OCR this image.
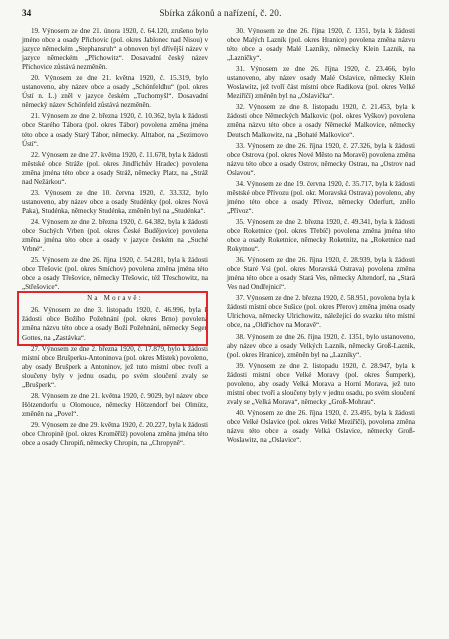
34	Sbírka zákonů a nařízení, č. 20.

19. Výnosem ze dne 21. února 1920, č. 64.120, zrušeno bylo jméno obce a osady Přichovic (pol. okres Jablonec nad Nisou) v jazyce německém „Stephansruh“ a obnoven byl dřívější název v jazyce německém „Přichowitz“. Dosavadní český název Přichovice zůstává nezměněn.

20. Výnosem ze dne 21. května 1920, č. 15.319, bylo ustanoveno, aby název obce a osady „Schönfeldhu“ (pol. okres Ústí n. L.) zněl v jazyce českém „Tuchomyšl“. Dosavadní německý název Schönfeld zůstává nezměněn.

21. Výnosem ze dne 2. března 1920, č. 10.362, byla k žádosti obce Starého Tábora (pol. okres Tábor) povolena změna jména této obce a osady Starý Tábor, německy. Alttabor, na „Sezimovo Ústí“.

22. Výnosem ze dne 27. května 1920, č. 11.678, byla k žádosti městské obce Stráže (pol. okres Jindřichův Hradec) povolena změna jména této obce a osady Stráž, německy Platz, na „Stráž nad Nežárkou“.

23. Výnosem ze dne 10. června 1920, č. 33.332, bylo ustanoveno, aby název obce a osady Studénky (pol. okres Nová Paka), Studénka, německy Studénka, změněn byl na „Studénka“.

24. Výnosem ze dne 2. března 1920, č. 64.382, byla k žádosti obce Suchých Vrben (pol. okres České Budějovice) povolena změna jména této obce a osady v jazyce českém na „Suché Vrbné“.

25. Výnosem ze dne 26. října 1920, č. 54.281, byla k žádosti obce Třešovic (pol. okres Smíchov) povolena změna jména této obce a osady Třešovice, německy Třešowic, též Třeschowitz, na „Střešovice“.

Na Moravě:

26. Výnosem ze dne 3. listopadu 1920, č. 46.996, byla k žádosti obce Božího Požehnání (pol. okres Brno) povolena změna názvu této obce a osady Boží Požehnání, německy Segen Gottes, na „Zastávka“.

27. Výnosem ze dne 2. března 1920, č. 17.879, bylo k žádosti místní obce Brušperku-Antoninova (pol. okres Místek) povoleno, aby osady Brušperk a Antoninov, jež tuto místní obec tvoří a sloučeny byly v jednu osadu, po svém sloučení zvaly se „Brušperk“.

28. Výnosem ze dne 21. května 1920, č. 9029, byl název obce Hötzendorfu u Olomouce, německy Hötzendorf bei Olmütz, změněn na „Povel“.

29. Výnosem ze dne 29. května 1920, č. 20.227, byla k žádosti obce Chropině (pol. okres Kroměříž) povolena změna jména této obce a osady Chropiň, německy Chropin, na „Chropyně“.

30. Výnosem ze dne 26. října 1920, č. 1351, byla k žádosti obce Malých Lazník (pol. okres Hranice) povolena změna názvu této obce a osady Malé Lazníky, německy Klein Laznik, na „Lazníčky“.

31. Výnosem ze dne 26. října 1920, č. 23.466, bylo ustanoveno, aby název osady Malé Oslavice, německy Klein Woslawitz, jež tvoří část místní obce Radikova (pol. okres Velké Meziříčí) změněn byl na „Oslavička“.

32. Výnosem ze dne 8. listopadu 1920, č. 21.453, byla k žádosti obce Německých Malkovic (pol. okres Vyškov) povolena změna názvu této obce a osady Německé Malkovice, německy Deutsch Malkowitz, na „Bohaté Malkovice“.

33. Výnosem ze dne 26. října 1920, č. 27.326, byla k žádosti obce Ostrova (pol. okres Nové Město na Moravě) povolena změna názvu této obce a osady Ostrov, německy Ostrau, na „Ostrov nad Oslavou“.

34. Výnosem ze dne 19. června 1920, č. 35.717, byla k žádosti městské obce Přívozu (pol. okr. Moravská Ostrava) povoleno, aby jméno této obce a osady Přívoz, německy Oderfurt, znělo „Přívoz“.

35. Výnosem ze dne 2. března 1920, č. 49.341, byla k žádosti obce Roketnice (pol. okres Třebíč) povolena změna jména této obce a osady Roketnice, německy Roketnitz, na „Roketnice nad Rokytnou“.

36. Výnosem ze dne 26. října 1920, č. 28.939, byla k žádosti obce Staré Vsi (pol. okres Moravská Ostrava) povolena změna jména této obce a osady Stará Ves, německy Altendorf, na „Stará Ves nad Ondřejnicí“.

37. Výnosem ze dne 2. března 1920, č. 58.951, povolena byla k žádosti místní obce Sušice (pol. okres Přerov) změna jména osady Ulrichova, německy Ulrichowitz, náležející do svazku této místní obce, na „Oldřichov na Moravě“.

38. Výnosem ze dne 26. října 1920, č. 1351, bylo ustanoveno, aby název obce a osady Velkých Lazník, německy Groß-Laznik, (pol. okres Hranice), změněn byl na „Lazníky“.

39. Výnosem ze dne 2. listopadu 1920, č. 28.947, byla k žádosti místní obce Velké Moravy (pol. okres Šumperk), povoleno, aby osady Velká Morava a Horní Morava, jež tuto místní obec tvoří a sloučeny byly v jednu osadu, po svém sloučení zvaly se „Velká Morava“, německy „Groß-Mohrau“.

40. Výnosem ze dne 26. října 1920, č. 23.495, byla k žádosti obce Velké Oslavice (pol. okres Velké Meziříčí), povolena změna názvu této obce a osady Velká Oslavice, německy Groß-Woslawitz, na „Oslavice“.
